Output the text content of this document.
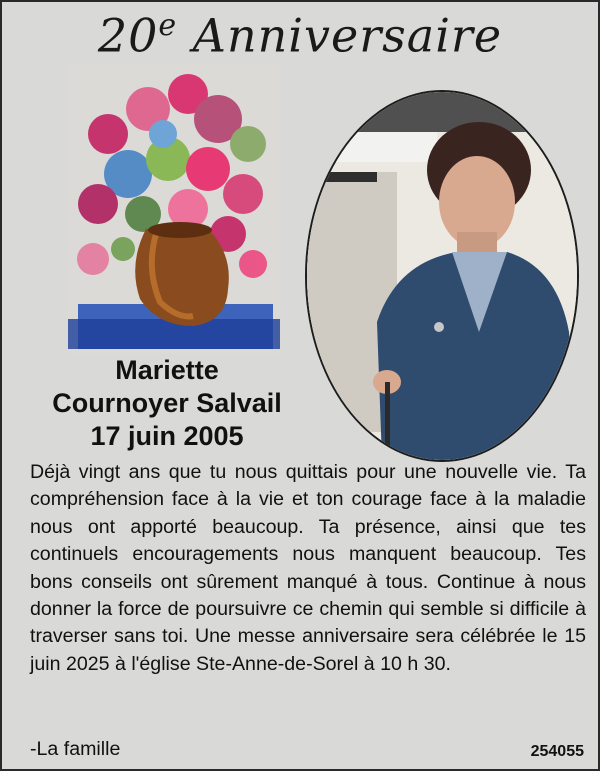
20e Anniversaire
Mariette
Cournoyer Salvail
17 juin 2005

Déjà vingt ans que tu nous quittais pour une nouvelle vie. Ta compréhension face à la vie et ton courage face à la maladie nous ont apporté beaucoup. Ta présence, ainsi que tes continuels encouragements nous manquent beaucoup. Tes bons conseils ont sûrement manqué à tous. Continue à nous donner la force de poursuivre ce chemin qui semble si difficile à traverser sans toi. Une messe anniversaire sera célébrée le 15 juin 2025 à l'église Ste-Anne-de-Sorel à 10 h 30.

-La famille	254055
